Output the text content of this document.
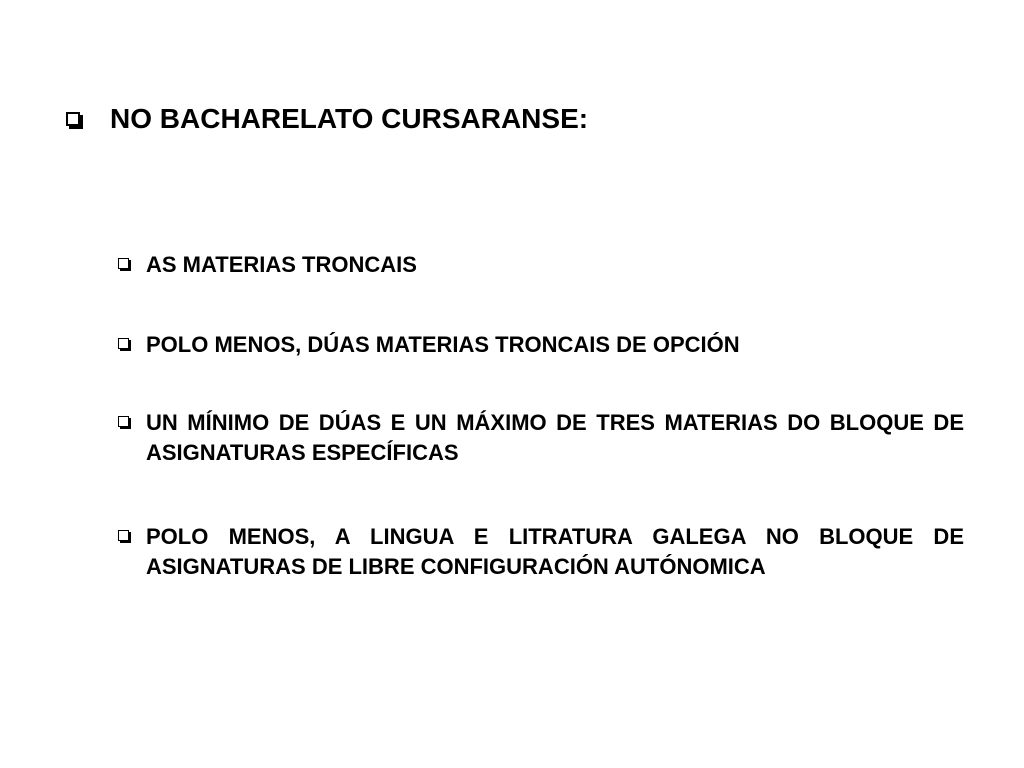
NO BACHARELATO CURSARANSE:
AS MATERIAS TRONCAIS
POLO MENOS, DÚAS MATERIAS TRONCAIS DE OPCIÓN
UN MÍNIMO DE DÚAS E UN MÁXIMO DE TRES MATERIAS DO BLOQUE DE ASIGNATURAS ESPECÍFICAS
POLO MENOS, A LINGUA E LITRATURA GALEGA NO BLOQUE DE ASIGNATURAS DE LIBRE CONFIGURACIÓN AUTÓNOMICA
